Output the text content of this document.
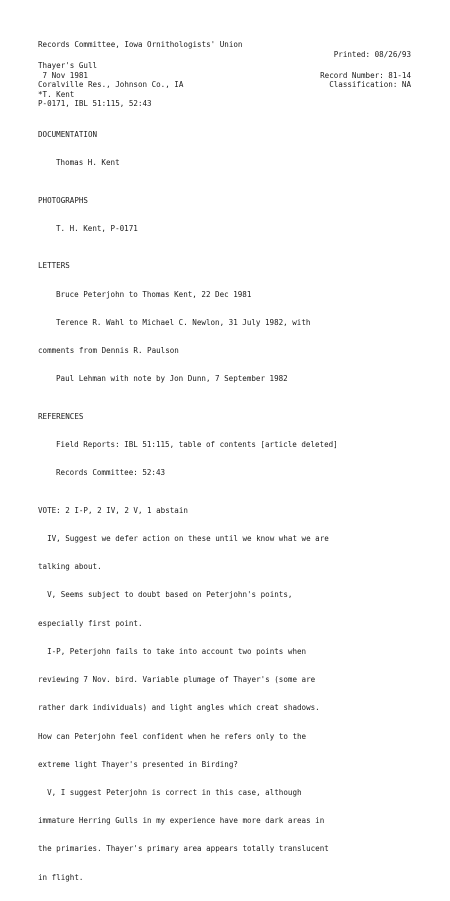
Records Committee, Iowa Ornithologists' Union

Printed: 08/26/93

Thayer's Gull

Record Number: 81-14

7 Nov 1981

Classification: NA

Coralville Res., Johnson Co., IA

*T. Kent

P-0171, IBL 51:115, 52:43

DOCUMENTATION

Thomas H. Kent

PHOTOGRAPHS

T. H. Kent, P-0171

LETTERS

Bruce Peterjohn to Thomas Kent, 22 Dec 1981

Terence R. Wahl to Michael C. Newlon, 31 July 1982, with

comments from Dennis R. Paulson

Paul Lehman with note by Jon Dunn, 7 September 1982

REFERENCES

Field Reports: IBL 51:115, table of contents [article deleted]

Records Committee: 52:43

VOTE: 2 I-P, 2 IV, 2 V, 1 abstain

IV, Suggest we defer action on these until we know what we are

talking about.

V, Seems subject to doubt based on Peterjohn's points,

especially first point.

I-P, Peterjohn fails to take into account two points when

reviewing 7 Nov. bird. Variable plumage of Thayer's (some are

rather dark individuals) and light angles which creat shadows.

How can Peterjohn feel confident when he refers only to the

extreme light Thayer's presented in Birding?

V, I suggest Peterjohn is correct in this case, although

immature Herring Gulls in my experience have more dark areas in

the primaries. Thayer's primary area appears totally translucent

in flight.
